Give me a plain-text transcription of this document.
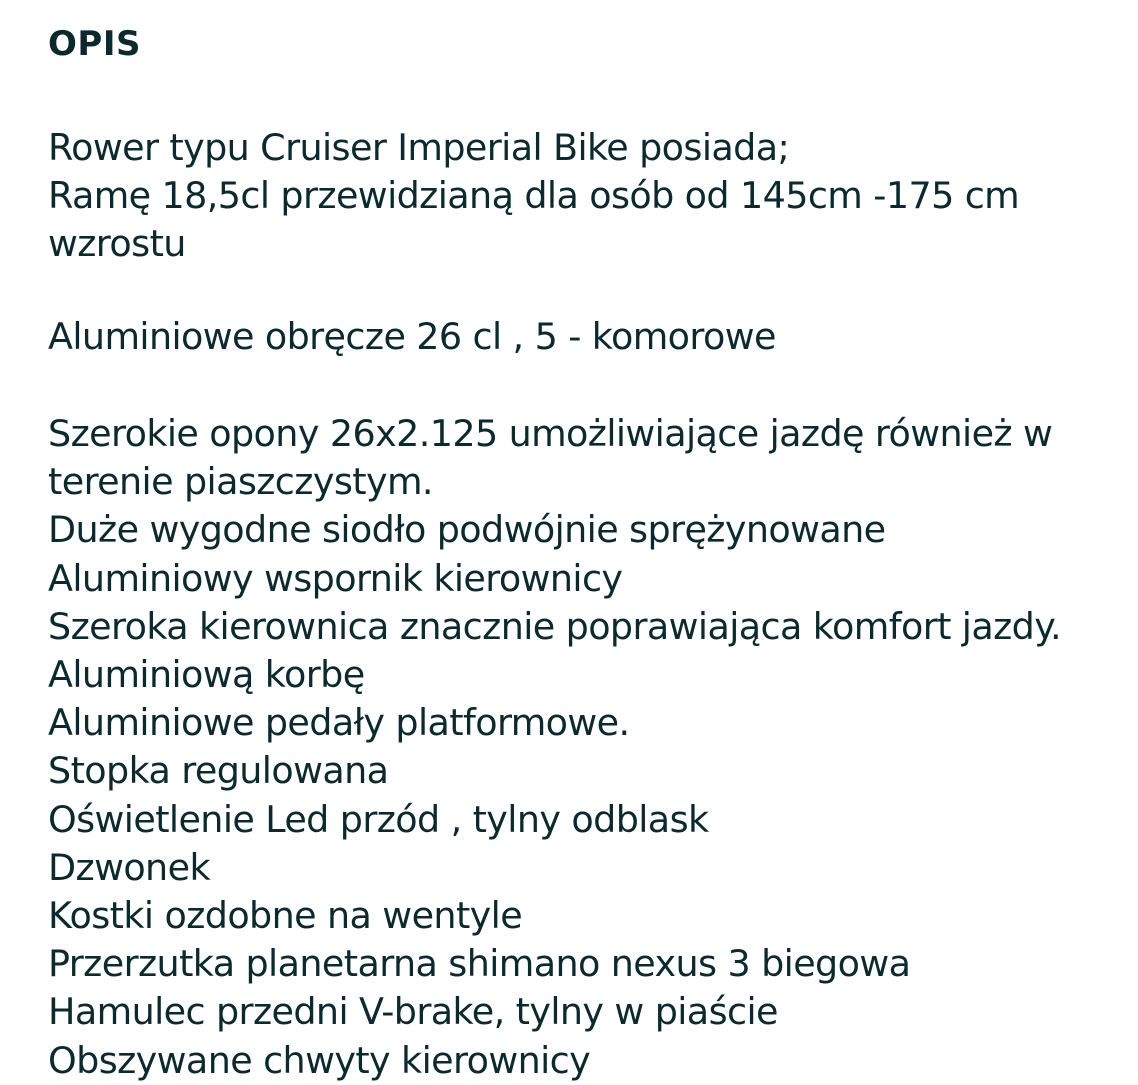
OPIS

Rower typu Cruiser Imperial Bike posiada;
Ramę 18,5cl przewidzianą dla osób od 145cm -175 cm
wzrostu

Aluminiowe obręcze 26 cl , 5 - komorowe

Szerokie opony 26x2.125 umożliwiające jazdę również w
terenie piaszczystym.
Duże wygodne siodło podwójnie sprężynowane
Aluminiowy wspornik kierownicy
Szeroka kierownica znacznie poprawiająca komfort jazdy.
Aluminiową korbę
Aluminiowe pedały platformowe.
Stopka regulowana
Oświetlenie Led przód , tylny odblask
Dzwonek
Kostki ozdobne na wentyle
Przerzutka planetarna shimano nexus 3 biegowa
Hamulec przedni V-brake, tylny w piaście
Obszywane chwyty kierownicy
